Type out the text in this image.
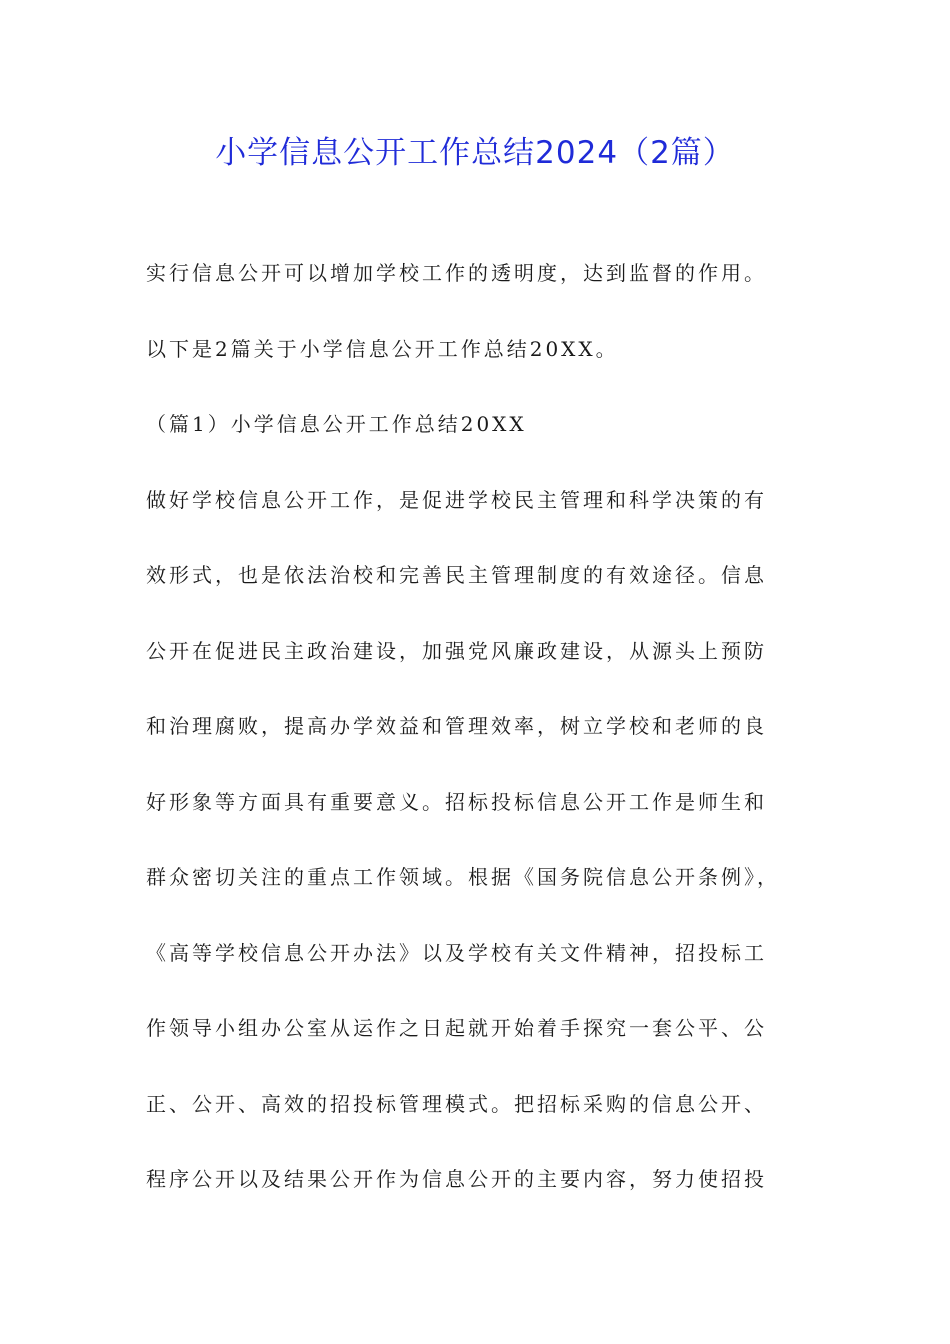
小学信息公开工作总结2024（2篇）

实行信息公开可以增加学校工作的透明度，达到监督的作用。

以下是2篇关于小学信息公开工作总结20XX。

（篇1）小学信息公开工作总结20XX

做好学校信息公开工作，是促进学校民主管理和科学决策的有

效形式，也是依法治校和完善民主管理制度的有效途径。信息

公开在促进民主政治建设，加强党风廉政建设，从源头上预防

和治理腐败，提高办学效益和管理效率，树立学校和老师的良

好形象等方面具有重要意义。招标投标信息公开工作是师生和

群众密切关注的重点工作领域。根据《国务院信息公开条例》，

《高等学校信息公开办法》以及学校有关文件精神，招投标工

作领导小组办公室从运作之日起就开始着手探究一套公平、公

正、公开、高效的招投标管理模式。把招标采购的信息公开、

程序公开以及结果公开作为信息公开的主要内容，努力使招投
